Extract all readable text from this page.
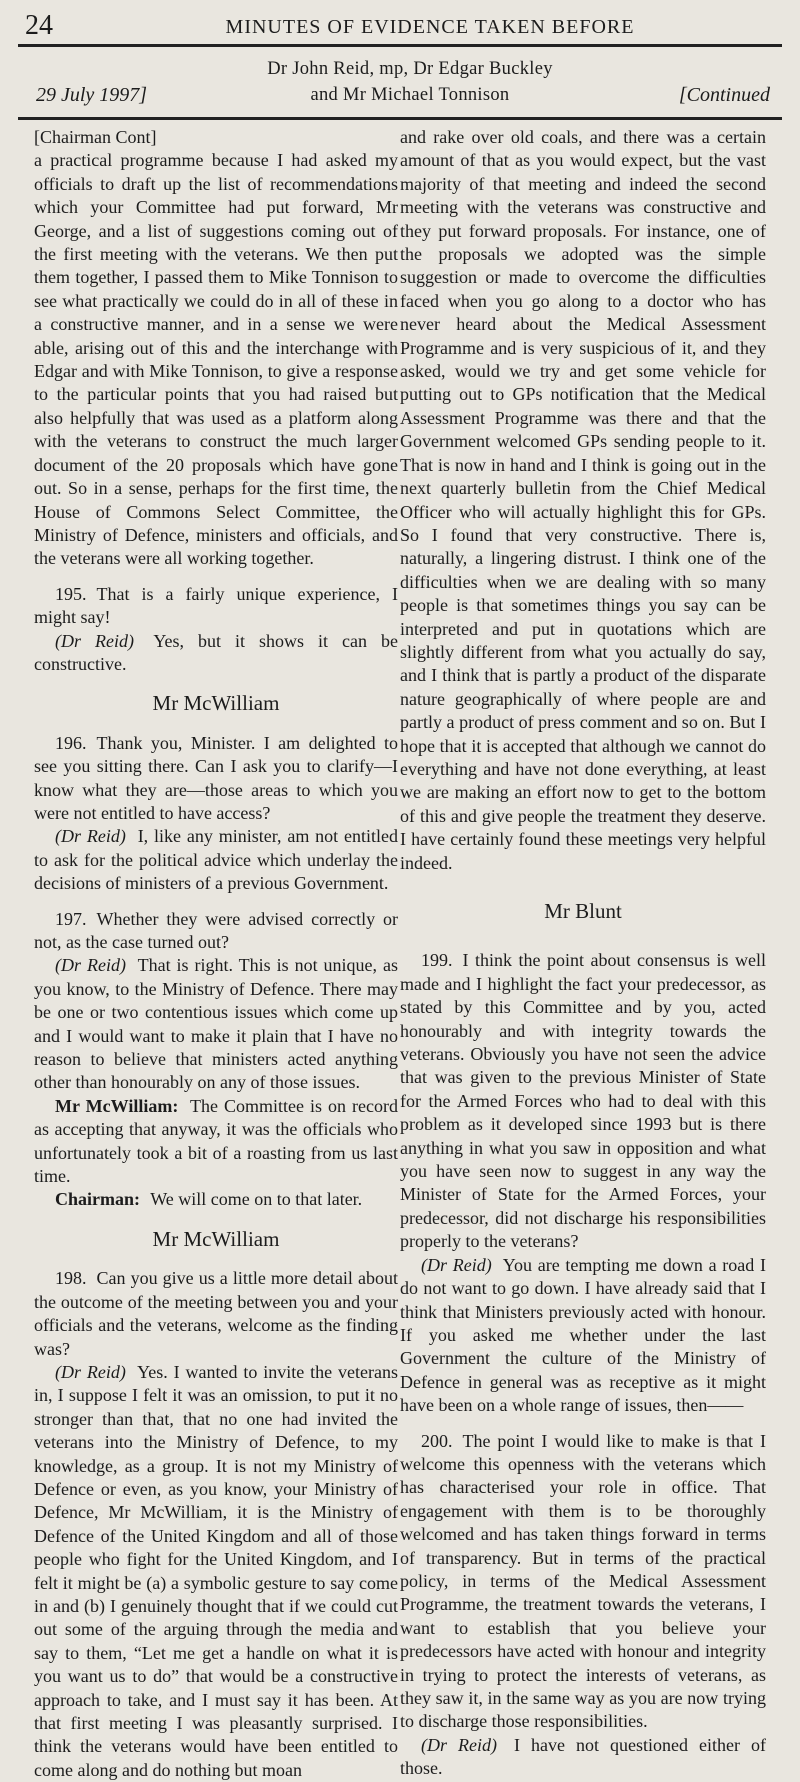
24	MINUTES OF EVIDENCE TAKEN BEFORE
29 July 1997]
Dr John Reid, mp, Dr Edgar Buckley
and Mr Michael Tonnison	[Continued

[Chairman Cont]

a practical programme because I had asked my officials to draft up the list of recommendations which your Committee had put forward, Mr George, and a list of suggestions coming out of the first meeting with the veterans. We then put them together, I passed them to Mike Tonnison to see what practically we could do in all of these in a constructive manner, and in a sense we were able, arising out of this and the interchange with Edgar and with Mike Tonnison, to give a response to the particular points that you had raised but also helpfully that was used as a platform along with the veterans to construct the much larger document of the 20 proposals which have gone out. So in a sense, perhaps for the first time, the House of Commons Select Committee, the Ministry of Defence, ministers and officials, and the veterans were all working together.

195. That is a fairly unique experience, I might say!

(Dr Reid) Yes, but it shows it can be constructive.

Mr McWilliam

196. Thank you, Minister. I am delighted to see you sitting there. Can I ask you to clarify—I know what they are—those areas to which you were not entitled to have access?

(Dr Reid) I, like any minister, am not entitled to ask for the political advice which underlay the decisions of ministers of a previous Government.

197. Whether they were advised correctly or not, as the case turned out?

(Dr Reid) That is right. This is not unique, as you know, to the Ministry of Defence. There may be one or two contentious issues which come up and I would want to make it plain that I have no reason to believe that ministers acted anything other than honourably on any of those issues.

Mr McWilliam: The Committee is on record as accepting that anyway, it was the officials who unfortunately took a bit of a roasting from us last time.

Chairman: We will come on to that later.

Mr McWilliam

198. Can you give us a little more detail about the outcome of the meeting between you and your officials and the veterans, welcome as the finding was?

(Dr Reid) Yes. I wanted to invite the veterans in, I suppose I felt it was an omission, to put it no stronger than that, that no one had invited the veterans into the Ministry of Defence, to my knowledge, as a group. It is not my Ministry of Defence or even, as you know, your Ministry of Defence, Mr McWilliam, it is the Ministry of Defence of the United Kingdom and all of those people who fight for the United Kingdom, and I felt it might be (a) a symbolic gesture to say come in and (b) I genuinely thought that if we could cut out some of the arguing through the media and say to them, “Let me get a handle on what it is you want us to do” that would be a constructive approach to take, and I must say it has been. At that first meeting I was pleasantly surprised. I think the veterans would have been entitled to come along and do nothing but moan

and rake over old coals, and there was a certain amount of that as you would expect, but the vast majority of that meeting and indeed the second meeting with the veterans was constructive and they put forward proposals. For instance, one of the proposals we adopted was the simple suggestion or made to overcome the difficulties faced when you go along to a doctor who has never heard about the Medical Assessment Programme and is very suspicious of it, and they asked, would we try and get some vehicle for putting out to GPs notification that the Medical Assessment Programme was there and that the Government welcomed GPs sending people to it. That is now in hand and I think is going out in the next quarterly bulletin from the Chief Medical Officer who will actually highlight this for GPs. So I found that very constructive. There is, naturally, a lingering distrust. I think one of the difficulties when we are dealing with so many people is that sometimes things you say can be interpreted and put in quotations which are slightly different from what you actually do say, and I think that is partly a product of the disparate nature geographically of where people are and partly a product of press comment and so on. But I hope that it is accepted that although we cannot do everything and have not done everything, at least we are making an effort now to get to the bottom of this and give people the treatment they deserve. I have certainly found these meetings very helpful indeed.

Mr Blunt

199. I think the point about consensus is well made and I highlight the fact your predecessor, as stated by this Committee and by you, acted honourably and with integrity towards the veterans. Obviously you have not seen the advice that was given to the previous Minister of State for the Armed Forces who had to deal with this problem as it developed since 1993 but is there anything in what you saw in opposition and what you have seen now to suggest in any way the Minister of State for the Armed Forces, your predecessor, did not discharge his responsibilities properly to the veterans?

(Dr Reid) You are tempting me down a road I do not want to go down. I have already said that I think that Ministers previously acted with honour. If you asked me whether under the last Government the culture of the Ministry of Defence in general was as receptive as it might have been on a whole range of issues, then——

200. The point I would like to make is that I welcome this openness with the veterans which has characterised your role in office. That engagement with them is to be thoroughly welcomed and has taken things forward in terms of transparency. But in terms of the practical policy, in terms of the Medical Assessment Programme, the treatment towards the veterans, I want to establish that you believe your predecessors have acted with honour and integrity in trying to protect the interests of veterans, as they saw it, in the same way as you are now trying to discharge those responsibilities.

(Dr Reid) I have not questioned either of those.
